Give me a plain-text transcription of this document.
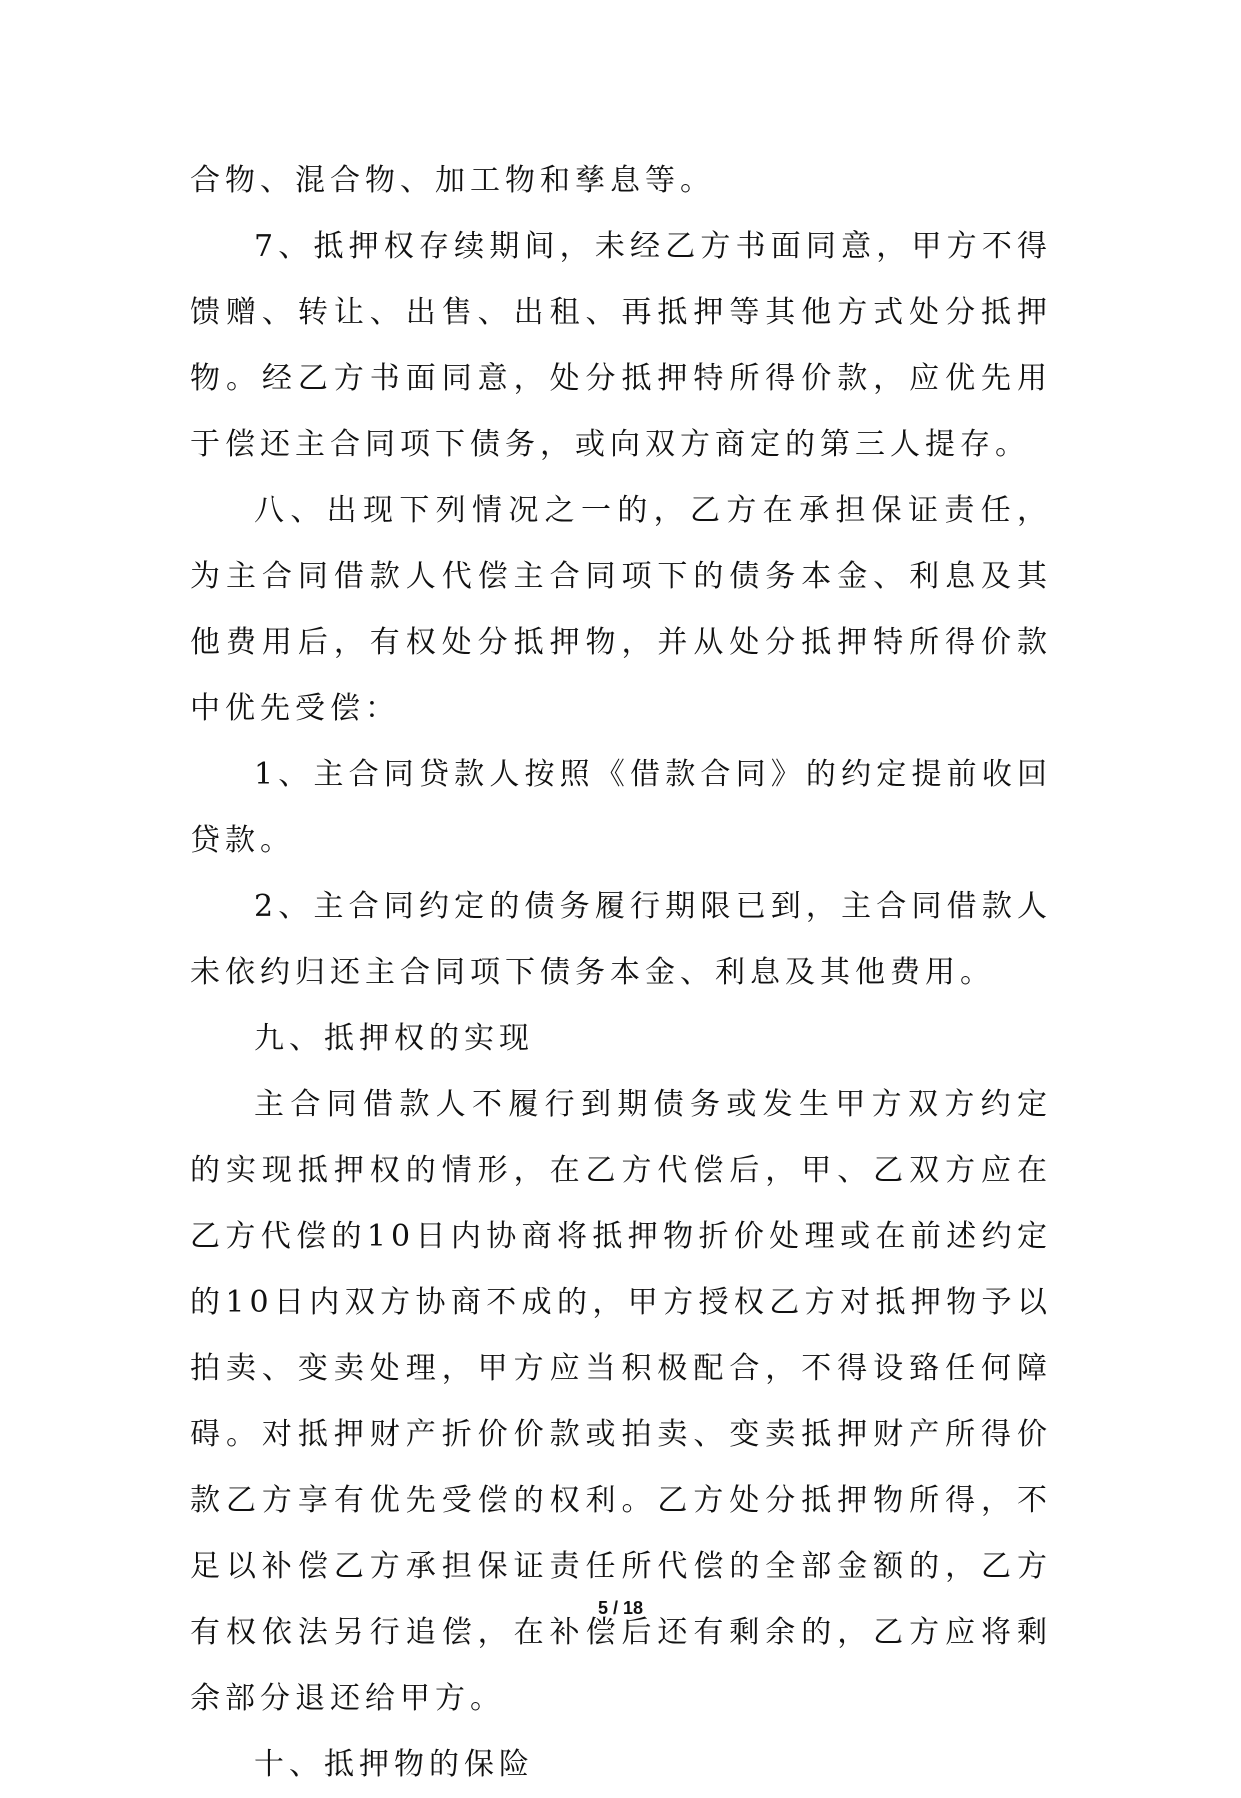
合物、混合物、加工物和孳息等。

7、抵押权存续期间，未经乙方书面同意，甲方不得馈赠、转让、出售、出租、再抵押等其他方式处分抵押物。经乙方书面同意，处分抵押特所得价款，应优先用于偿还主合同项下债务，或向双方商定的第三人提存。

八、出现下列情况之一的，乙方在承担保证责任，为主合同借款人代偿主合同项下的债务本金、利息及其他费用后，有权处分抵押物，并从处分抵押特所得价款中优先受偿：

1、主合同贷款人按照《借款合同》的约定提前收回贷款。

2、主合同约定的债务履行期限已到，主合同借款人未依约归还主合同项下债务本金、利息及其他费用。

九、抵押权的实现

主合同借款人不履行到期债务或发生甲方双方约定的实现抵押权的情形，在乙方代偿后，甲、乙双方应在乙方代偿的10日内协商将抵押物折价处理或在前述约定的10日内双方协商不成的，甲方授权乙方对抵押物予以拍卖、变卖处理，甲方应当积极配合，不得设臵任何障碍。对抵押财产折价价款或拍卖、变卖抵押财产所得价款乙方享有优先受偿的权利。乙方处分抵押物所得，不足以补偿乙方承担保证责任所代偿的全部金额的，乙方有权依法另行追偿，在补偿后还有剩余的，乙方应将剩余部分退还给甲方。

十、抵押物的保险

5 / 18
